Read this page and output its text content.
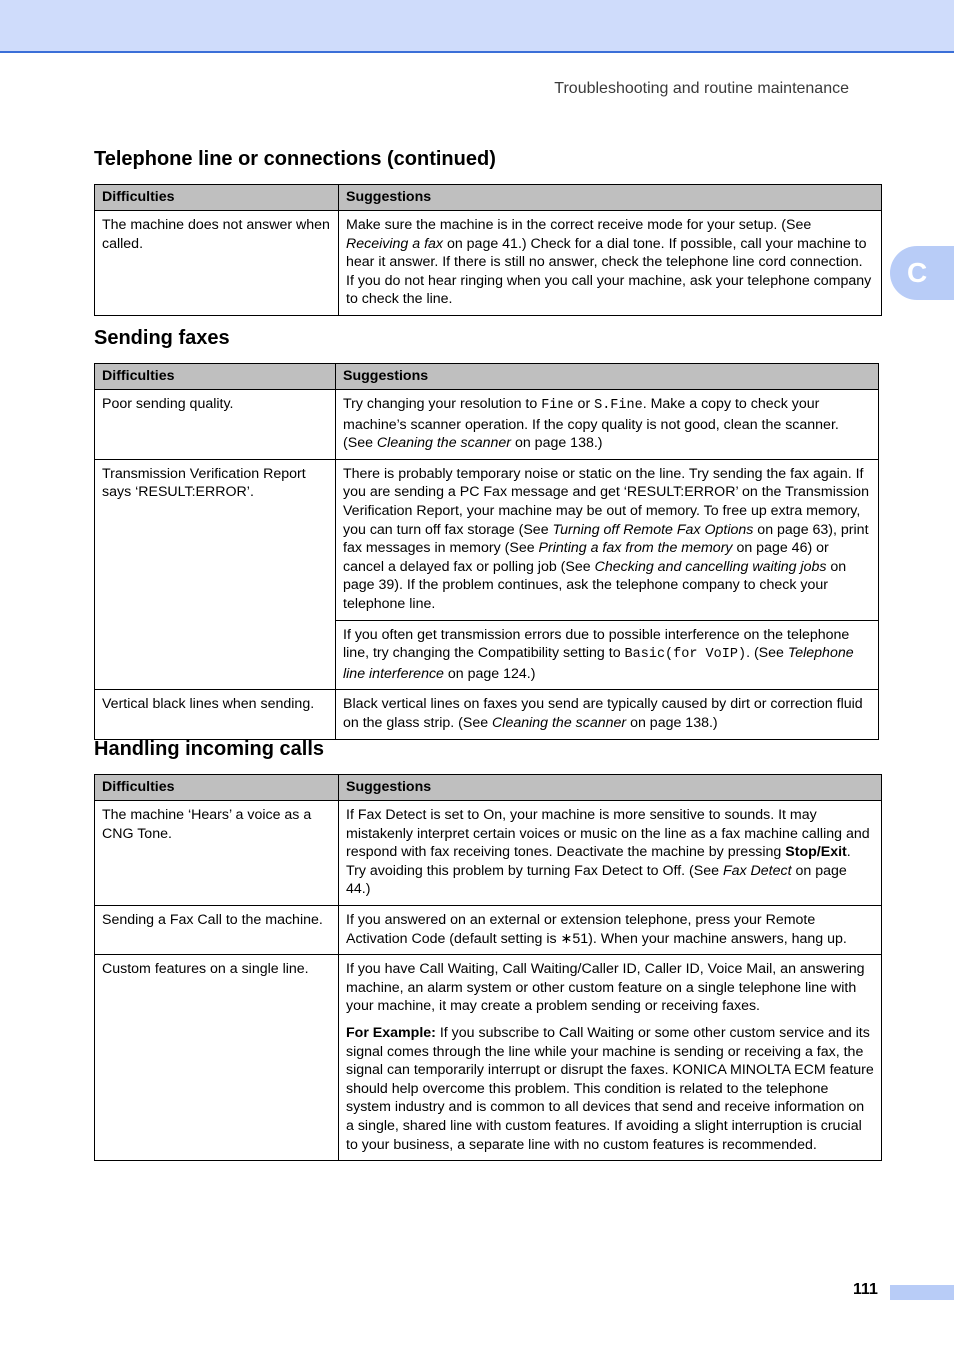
Troubleshooting and routine maintenance
C
Telephone line or connections (continued)
Difficulties	Suggestions
The machine does not answer when called.	Make sure the machine is in the correct receive mode for your setup. (See Receiving a fax on page 41.) Check for a dial tone. If possible, call your machine to hear it answer. If there is still no answer, check the telephone line cord connection. If you do not hear ringing when you call your machine, ask your telephone company to check the line.

Sending faxes
Difficulties	Suggestions
Poor sending quality.	Try changing your resolution to Fine or S.Fine. Make a copy to check your machine’s scanner operation. If the copy quality is not good, clean the scanner. (See Cleaning the scanner on page 138.)

Transmission Verification Report says ‘RESULT:ERROR’.	There is probably temporary noise or static on the line. Try sending the fax again. If you are sending a PC Fax message and get ‘RESULT:ERROR’ on the Transmission Verification Report, your machine may be out of memory. To free up extra memory, you can turn off fax storage (See Turning off Remote Fax Options on page 63), print fax messages in memory (See Printing a fax from the memory on page 46) or cancel a delayed fax or polling job (See Checking and cancelling waiting jobs on page 39). If the problem continues, ask the telephone company to check your telephone line.

	If you often get transmission errors due to possible interference on the telephone line, try changing the Compatibility setting to Basic(for VoIP). (See Telephone line interference on page 124.)

Vertical black lines when sending.	Black vertical lines on faxes you send are typically caused by dirt or correction fluid on the glass strip. (See Cleaning the scanner on page 138.)

Handling incoming calls
Difficulties	Suggestions
The machine ‘Hears’ a voice as a CNG Tone.	If Fax Detect is set to On, your machine is more sensitive to sounds. It may mistakenly interpret certain voices or music on the line as a fax machine calling and respond with fax receiving tones. Deactivate the machine by pressing Stop/Exit. Try avoiding this problem by turning Fax Detect to Off. (See Fax Detect on page 44.)

Sending a Fax Call to the machine.	If you answered on an external or extension telephone, press your Remote Activation Code (default setting is ∗51). When your machine answers, hang up.

Custom features on a single line.	If you have Call Waiting, Call Waiting/Caller ID, Caller ID, Voice Mail, an answering machine, an alarm system or other custom feature on a single telephone line with your machine, it may create a problem sending or receiving faxes.

For Example: If you subscribe to Call Waiting or some other custom service and its signal comes through the line while your machine is sending or receiving a fax, the signal can temporarily interrupt or disrupt the faxes. KONICA MINOLTA ECM feature should help overcome this problem. This condition is related to the telephone system industry and is common to all devices that send and receive information on a single, shared line with custom features. If avoiding a slight interruption is crucial to your business, a separate line with no custom features is recommended.

111
